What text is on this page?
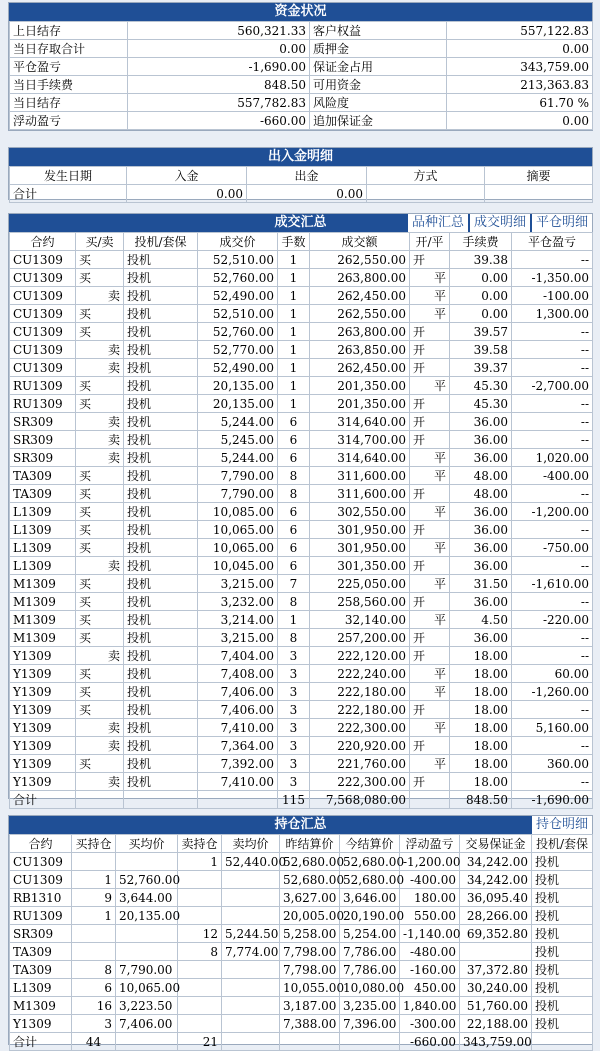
资金状况
上日结存	560,321.33	客户权益	557,122.83
当日存取合计	0.00	质押金	0.00
平仓盈亏	-1,690.00	保证金占用	343,759.00
当日手续费	848.50	可用资金	213,363.83
当日结存	557,782.83	风险度	61.70 %
浮动盈亏	-660.00	追加保证金	0.00
出入金明细
发生日期	入金	出金	方式	摘要
合计	0.00	0.00		
成交汇总	品种汇总 成交明细 平仓明细
合约	买/卖	投机/套保	成交价	手数	成交额	开/平	手续费	平仓盈亏
CU1309	买	投机	52,510.00	1	262,550.00	开	39.38	--
CU1309	买	投机	52,760.00	1	263,800.00	平	0.00	-1,350.00
CU1309	卖	投机	52,490.00	1	262,450.00	平	0.00	-100.00
CU1309	买	投机	52,510.00	1	262,550.00	平	0.00	1,300.00
CU1309	买	投机	52,760.00	1	263,800.00	开	39.57	--
CU1309	卖	投机	52,770.00	1	263,850.00	开	39.58	--
CU1309	卖	投机	52,490.00	1	262,450.00	开	39.37	--
RU1309	买	投机	20,135.00	1	201,350.00	平	45.30	-2,700.00
RU1309	买	投机	20,135.00	1	201,350.00	开	45.30	--
SR309	卖	投机	5,244.00	6	314,640.00	开	36.00	--
SR309	卖	投机	5,245.00	6	314,700.00	开	36.00	--
SR309	卖	投机	5,244.00	6	314,640.00	平	36.00	1,020.00
TA309	买	投机	7,790.00	8	311,600.00	平	48.00	-400.00
TA309	买	投机	7,790.00	8	311,600.00	开	48.00	--
L1309	买	投机	10,085.00	6	302,550.00	平	36.00	-1,200.00
L1309	买	投机	10,065.00	6	301,950.00	开	36.00	--
L1309	买	投机	10,065.00	6	301,950.00	平	36.00	-750.00
L1309	卖	投机	10,045.00	6	301,350.00	开	36.00	--
M1309	买	投机	3,215.00	7	225,050.00	平	31.50	-1,610.00
M1309	买	投机	3,232.00	8	258,560.00	开	36.00	--
M1309	买	投机	3,214.00	1	32,140.00	平	4.50	-220.00
M1309	买	投机	3,215.00	8	257,200.00	开	36.00	--
Y1309	卖	投机	7,404.00	3	222,120.00	开	18.00	--
Y1309	买	投机	7,408.00	3	222,240.00	平	18.00	60.00
Y1309	买	投机	7,406.00	3	222,180.00	平	18.00	-1,260.00
Y1309	买	投机	7,406.00	3	222,180.00	开	18.00	--
Y1309	卖	投机	7,410.00	3	222,300.00	平	18.00	5,160.00
Y1309	卖	投机	7,364.00	3	220,920.00	开	18.00	--
Y1309	买	投机	7,392.00	3	221,760.00	平	18.00	360.00
Y1309	卖	投机	7,410.00	3	222,300.00	开	18.00	--
合计				115	7,568,080.00		848.50	-1,690.00
持仓汇总	持仓明细
合约	买持仓	买均价	卖持仓	卖均价	昨结算价	今结算价	浮动盈亏	交易保证金	投机/套保
CU1309			1	52,440.00	52,680.00	52,680.00	-1,200.00	34,242.00	投机
CU1309	1	52,760.00			52,680.00	52,680.00	-400.00	34,242.00	投机
RB1310	9	3,644.00			3,627.00	3,646.00	180.00	36,095.40	投机
RU1309	1	20,135.00			20,005.00	20,190.00	550.00	28,266.00	投机
SR309			12	5,244.50	5,258.00	5,254.00	-1,140.00	69,352.80	投机
TA309			8	7,774.00	7,798.00	7,786.00	-480.00		投机
TA309	8	7,790.00			7,798.00	7,786.00	-160.00	37,372.80	投机
L1309	6	10,065.00			10,055.00	10,080.00	450.00	30,240.00	投机
M1309	16	3,223.50			3,187.00	3,235.00	1,840.00	51,760.00	投机
Y1309	3	7,406.00			7,388.00	7,396.00	-300.00	22,188.00	投机
合计	44		21				-660.00	343,759.00	
